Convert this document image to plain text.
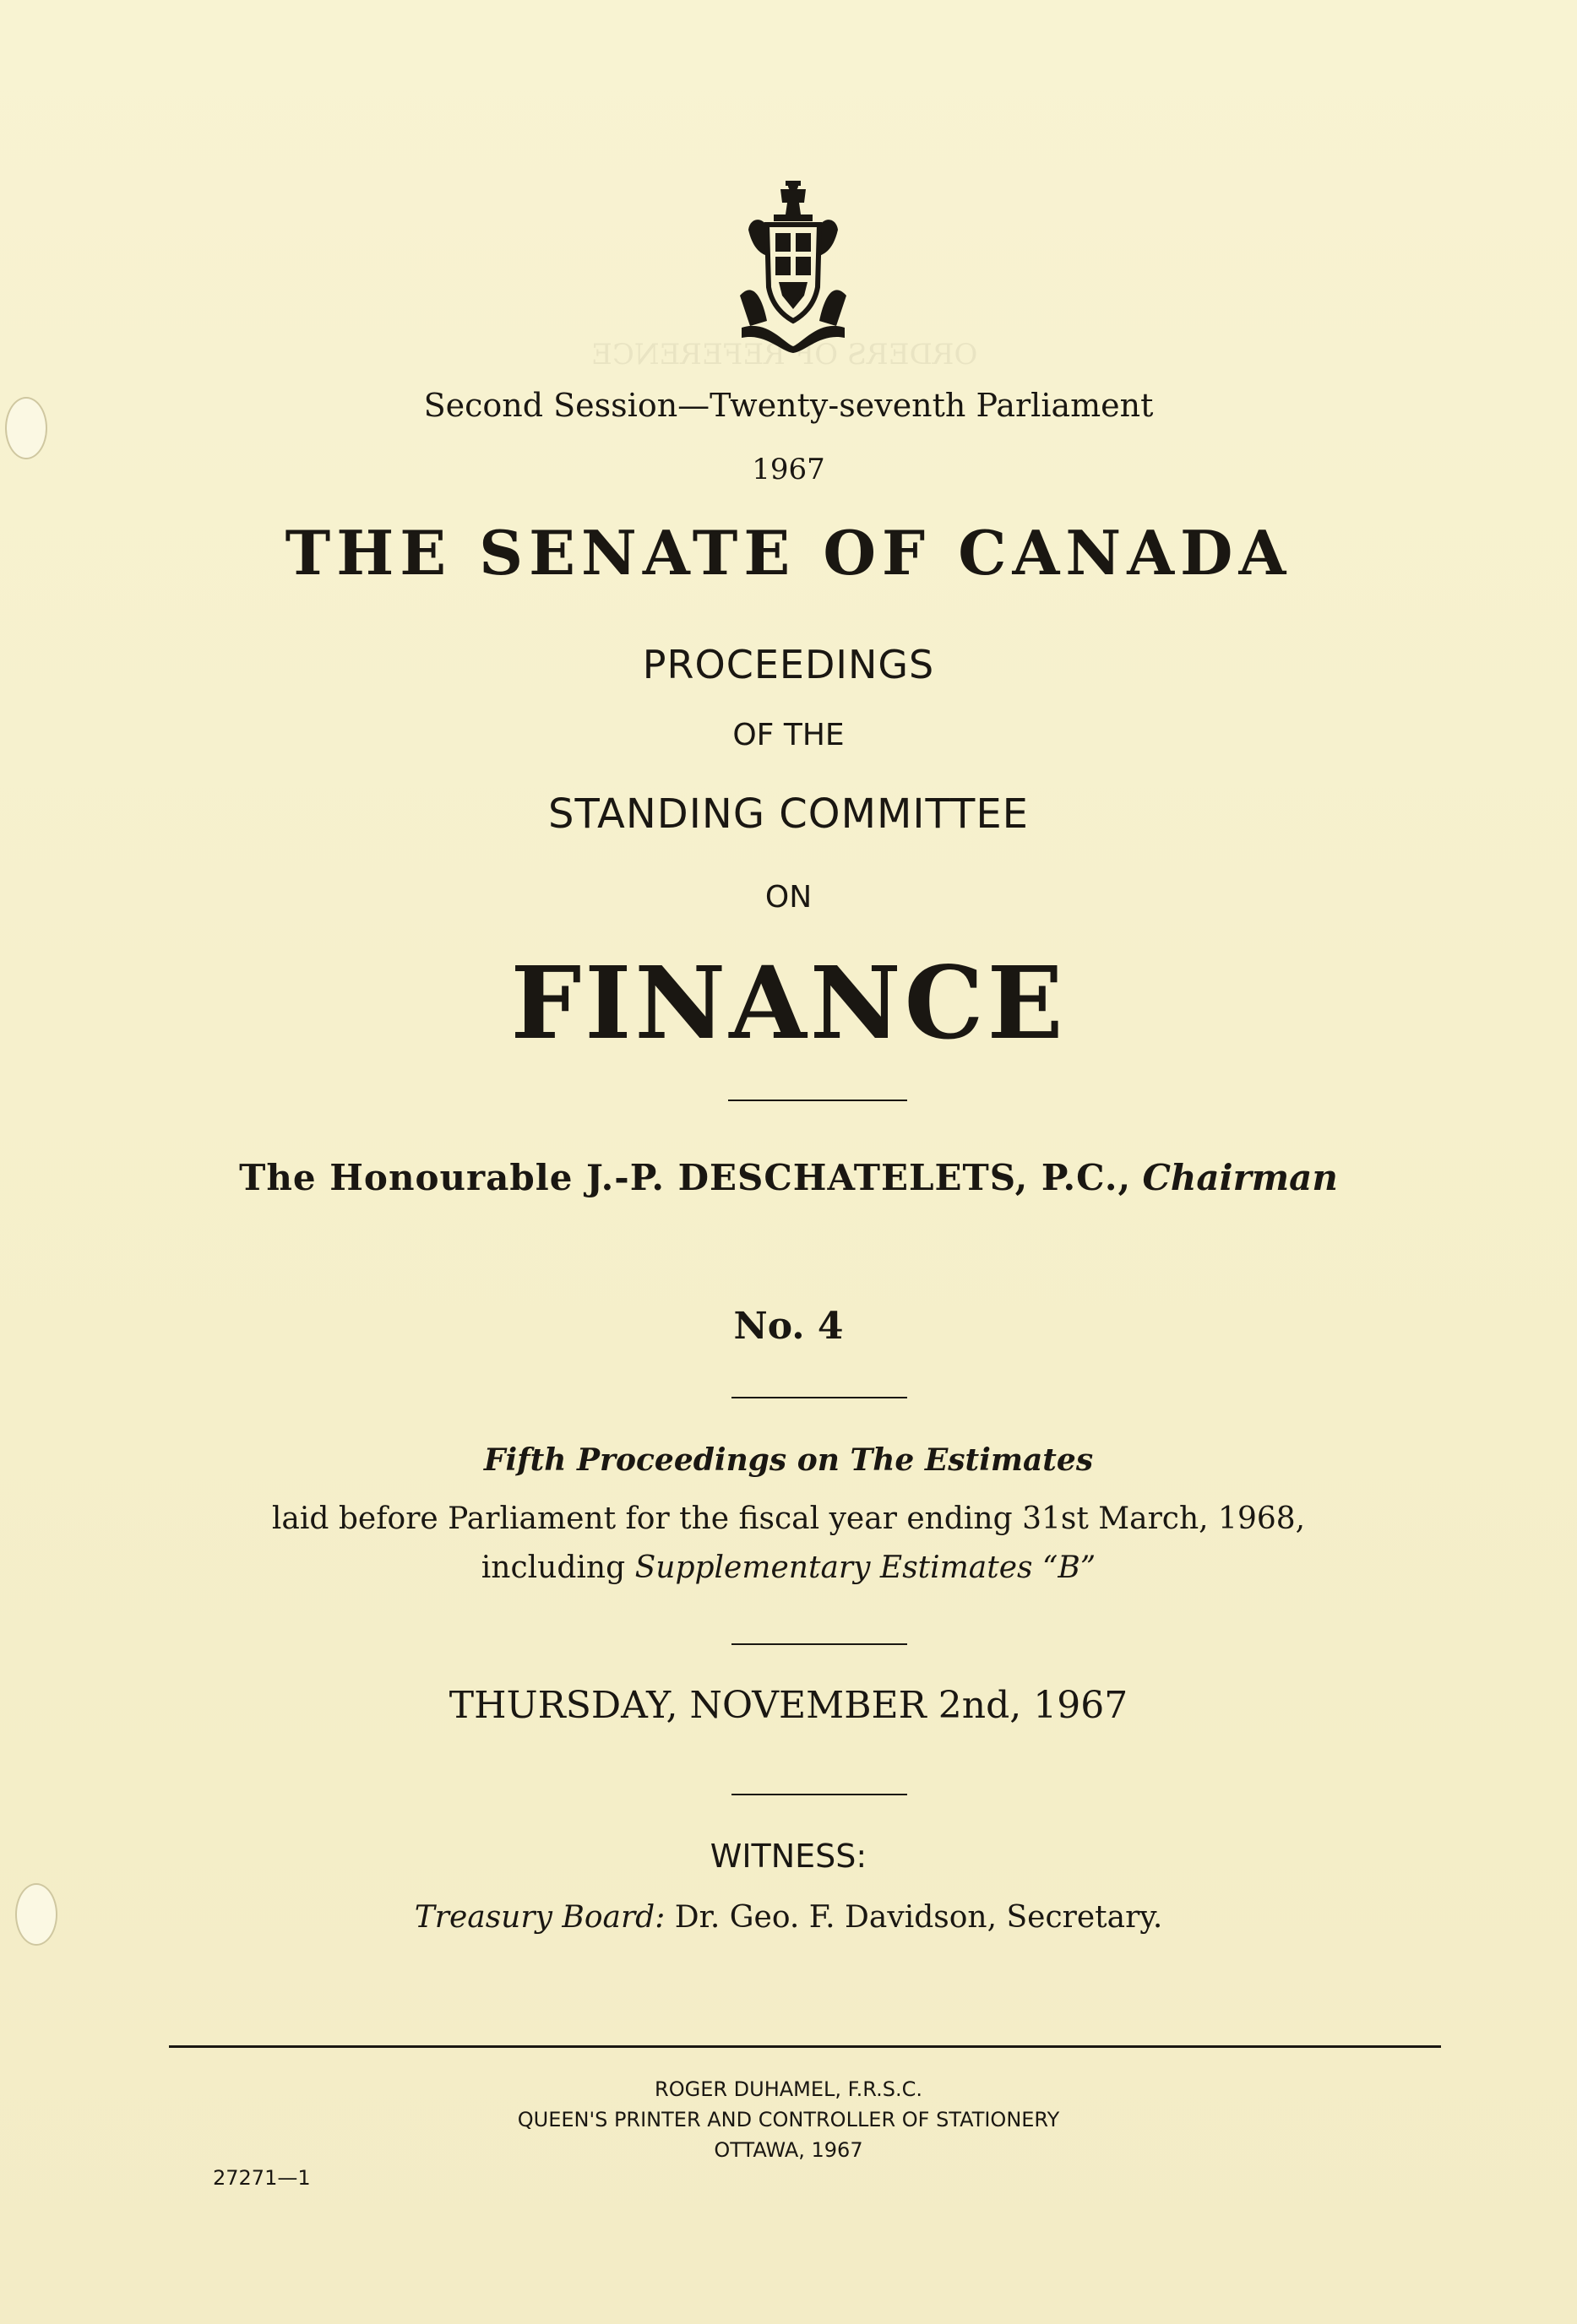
ORDERS OF REFERENCE
Second Session—Twenty-seventh Parliament
1967
THE SENATE OF CANADA
PROCEEDINGS
OF THE
STANDING COMMITTEE
ON
FINANCE
The Honourable J.-P. DESCHATELETS, P.C., Chairman
No. 4
Fifth Proceedings on The Estimates
laid before Parliament for the fiscal year ending 31st March, 1968,
including Supplementary Estimates “B”
THURSDAY, NOVEMBER 2nd, 1967
WITNESS:
Treasury Board: Dr. Geo. F. Davidson, Secretary.
ROGER DUHAMEL, F.R.S.C.
QUEEN'S PRINTER AND CONTROLLER OF STATIONERY
OTTAWA, 1967
27271—1
